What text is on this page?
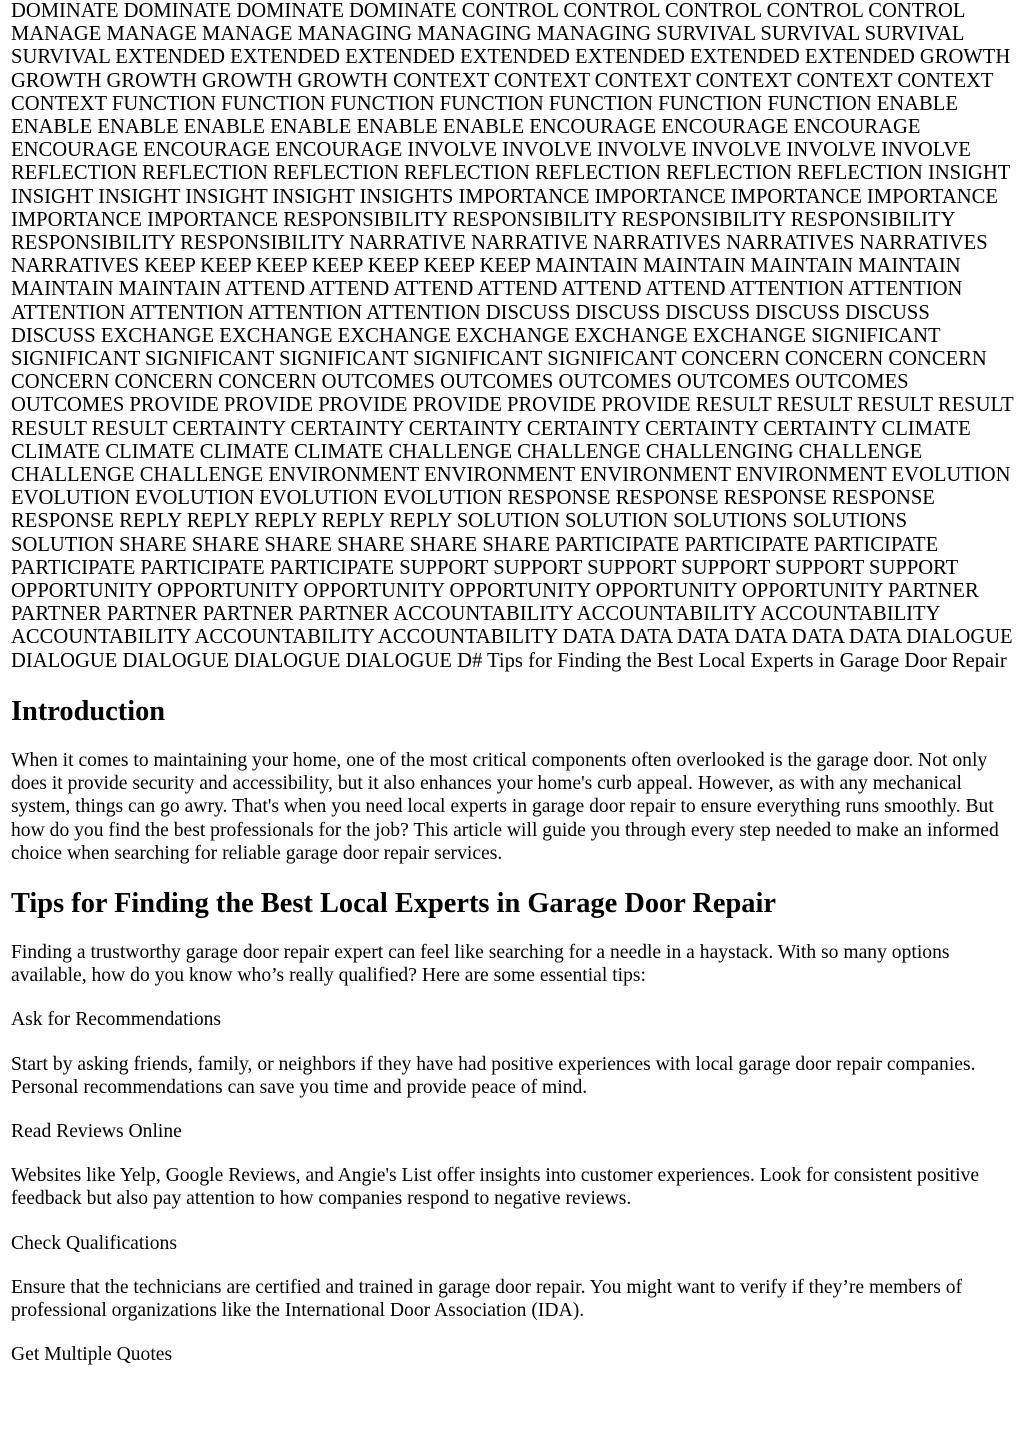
DOMINATE DOMINATE DOMINATE DOMINATE CONTROL CONTROL CONTROL CONTROL CONTROL MANAGE MANAGE MANAGE MANAGING MANAGING MANAGING SURVIVAL SURVIVAL SURVIVAL SURVIVAL EXTENDED EXTENDED EXTENDED EXTENDED EXTENDED EXTENDED EXTENDED GROWTH GROWTH GROWTH GROWTH GROWTH CONTEXT CONTEXT CONTEXT CONTEXT CONTEXT CONTEXT CONTEXT FUNCTION FUNCTION FUNCTION FUNCTION FUNCTION FUNCTION FUNCTION ENABLE ENABLE ENABLE ENABLE ENABLE ENABLE ENABLE ENCOURAGE ENCOURAGE ENCOURAGE ENCOURAGE ENCOURAGE ENCOURAGE INVOLVE INVOLVE INVOLVE INVOLVE INVOLVE INVOLVE REFLECTION REFLECTION REFLECTION REFLECTION REFLECTION REFLECTION REFLECTION INSIGHT INSIGHT INSIGHT INSIGHT INSIGHT INSIGHTS IMPORTANCE IMPORTANCE IMPORTANCE IMPORTANCE IMPORTANCE IMPORTANCE RESPONSIBILITY RESPONSIBILITY RESPONSIBILITY RESPONSIBILITY RESPONSIBILITY RESPONSIBILITY NARRATIVE NARRATIVE NARRATIVES NARRATIVES NARRATIVES NARRATIVES KEEP KEEP KEEP KEEP KEEP KEEP KEEP MAINTAIN MAINTAIN MAINTAIN MAINTAIN MAINTAIN MAINTAIN ATTEND ATTEND ATTEND ATTEND ATTEND ATTEND ATTENTION ATTENTION ATTENTION ATTENTION ATTENTION ATTENTION DISCUSS DISCUSS DISCUSS DISCUSS DISCUSS DISCUSS EXCHANGE EXCHANGE EXCHANGE EXCHANGE EXCHANGE EXCHANGE SIGNIFICANT SIGNIFICANT SIGNIFICANT SIGNIFICANT SIGNIFICANT SIGNIFICANT CONCERN CONCERN CONCERN CONCERN CONCERN CONCERN OUTCOMES OUTCOMES OUTCOMES OUTCOMES OUTCOMES OUTCOMES PROVIDE PROVIDE PROVIDE PROVIDE PROVIDE PROVIDE RESULT RESULT RESULT RESULT RESULT RESULT CERTAINTY CERTAINTY CERTAINTY CERTAINTY CERTAINTY CERTAINTY CLIMATE CLIMATE CLIMATE CLIMATE CLIMATE CHALLENGE CHALLENGE CHALLENGING CHALLENGE CHALLENGE CHALLENGE ENVIRONMENT ENVIRONMENT ENVIRONMENT ENVIRONMENT EVOLUTION EVOLUTION EVOLUTION EVOLUTION EVOLUTION RESPONSE RESPONSE RESPONSE RESPONSE RESPONSE REPLY REPLY REPLY REPLY REPLY SOLUTION SOLUTION SOLUTIONS SOLUTIONS SOLUTION SHARE SHARE SHARE SHARE SHARE SHARE PARTICIPATE PARTICIPATE PARTICIPATE PARTICIPATE PARTICIPATE PARTICIPATE SUPPORT SUPPORT SUPPORT SUPPORT SUPPORT SUPPORT OPPORTUNITY OPPORTUNITY OPPORTUNITY OPPORTUNITY OPPORTUNITY OPPORTUNITY PARTNER PARTNER PARTNER PARTNER PARTNER ACCOUNTABILITY ACCOUNTABILITY ACCOUNTABILITY ACCOUNTABILITY ACCOUNTABILITY ACCOUNTABILITY DATA DATA DATA DATA DATA DATA DIALOGUE DIALOGUE DIALOGUE DIALOGUE DIALOGUE D# Tips for Finding the Best Local Experts in Garage Door Repair

Introduction

When it comes to maintaining your home, one of the most critical components often overlooked is the garage door. Not only does it provide security and accessibility, but it also enhances your home's curb appeal. However, as with any mechanical system, things can go awry. That's when you need local experts in garage door repair to ensure everything runs smoothly. But how do you find the best professionals for the job? This article will guide you through every step needed to make an informed choice when searching for reliable garage door repair services.

Tips for Finding the Best Local Experts in Garage Door Repair

Finding a trustworthy garage door repair expert can feel like searching for a needle in a haystack. With so many options available, how do you know who’s really qualified? Here are some essential tips:

Ask for Recommendations

Start by asking friends, family, or neighbors if they have had positive experiences with local garage door repair companies. Personal recommendations can save you time and provide peace of mind.

Read Reviews Online

Websites like Yelp, Google Reviews, and Angie's List offer insights into customer experiences. Look for consistent positive feedback but also pay attention to how companies respond to negative reviews.

Check Qualifications

Ensure that the technicians are certified and trained in garage door repair. You might want to verify if they’re members of professional organizations like the International Door Association (IDA).

Get Multiple Quotes
